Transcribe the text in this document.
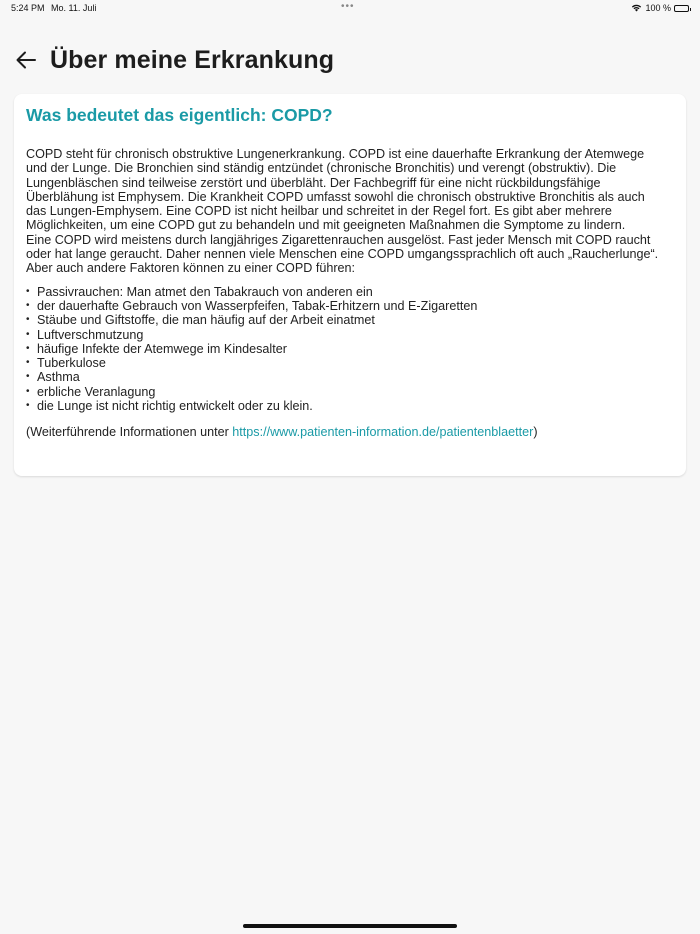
5:24 PM Mo. 11. Juli	•••	100 %
Über meine Erkrankung
Was bedeutet das eigentlich: COPD?
COPD steht für chronisch obstruktive Lungenerkrankung. COPD ist eine dauerhafte Erkrankung der Atemwege
und der Lunge. Die Bronchien sind ständig entzündet (chronische Bronchitis) und verengt (obstruktiv). Die
Lungenbläschen sind teilweise zerstört und überbläht. Der Fachbegriff für eine nicht rückbildungsfähige
Überblähung ist Emphysem. Die Krankheit COPD umfasst sowohl die chronisch obstruktive Bronchitis als auch
das Lungen-Emphysem. Eine COPD ist nicht heilbar und schreitet in der Regel fort. Es gibt aber mehrere
Möglichkeiten, um eine COPD gut zu behandeln und mit geeigneten Maßnahmen die Symptome zu lindern.
Eine COPD wird meistens durch langjähriges Zigarettenrauchen ausgelöst. Fast jeder Mensch mit COPD raucht
oder hat lange geraucht. Daher nennen viele Menschen eine COPD umgangssprachlich oft auch „Raucherlunge“.
Aber auch andere Faktoren können zu einer COPD führen:
• Passivrauchen: Man atmet den Tabakrauch von anderen ein
• der dauerhafte Gebrauch von Wasserpfeifen, Tabak-Erhitzern und E-Zigaretten
• Stäube und Giftstoffe, die man häufig auf der Arbeit einatmet
• Luftverschmutzung
• häufige Infekte der Atemwege im Kindesalter
• Tuberkulose
• Asthma
• erbliche Veranlagung
• die Lunge ist nicht richtig entwickelt oder zu klein.
(Weiterführende Informationen unter https://www.patienten-information.de/patientenblaetter)
